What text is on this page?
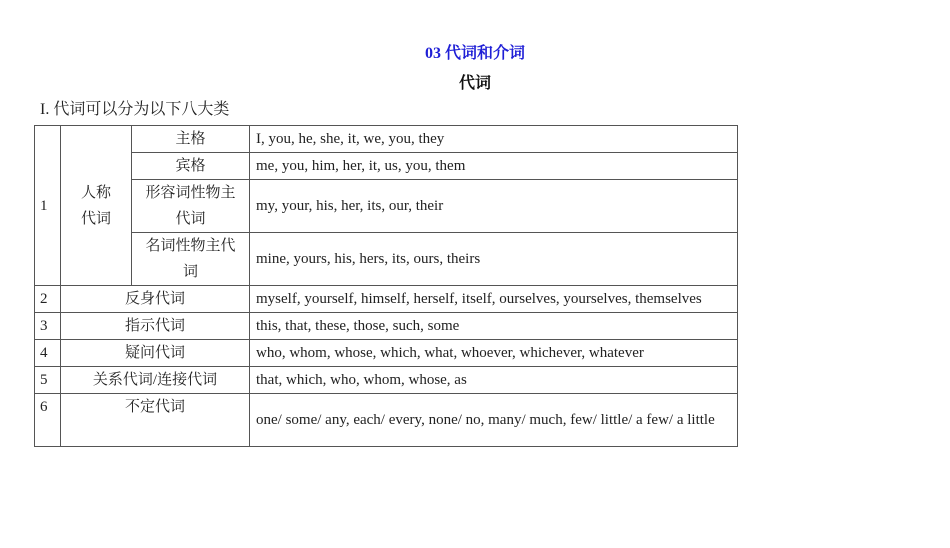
03 代词和介词
代词
I. 代词可以分为以下八大类
1	人称代词	主格	I, you, he, she, it, we, you, they
		宾格	me, you, him, her, it, us, you, them
		形容词性物主代词	my, your, his, her, its, our, their
		名词性物主代词	mine, yours, his, hers, its, ours, theirs
2	反身代词		myself, yourself, himself, herself, itself, ourselves, yourselves, themselves
3	指示代词		this, that, these, those, such, some
4	疑问代词		who, whom, whose, which, what, whoever, whichever, whatever
5	关系代词/连接代词		that, which, who, whom, whose, as
6	不定代词		one/ some/ any, each/ every, none/ no, many/ much, few/ little/ a few/ a little
